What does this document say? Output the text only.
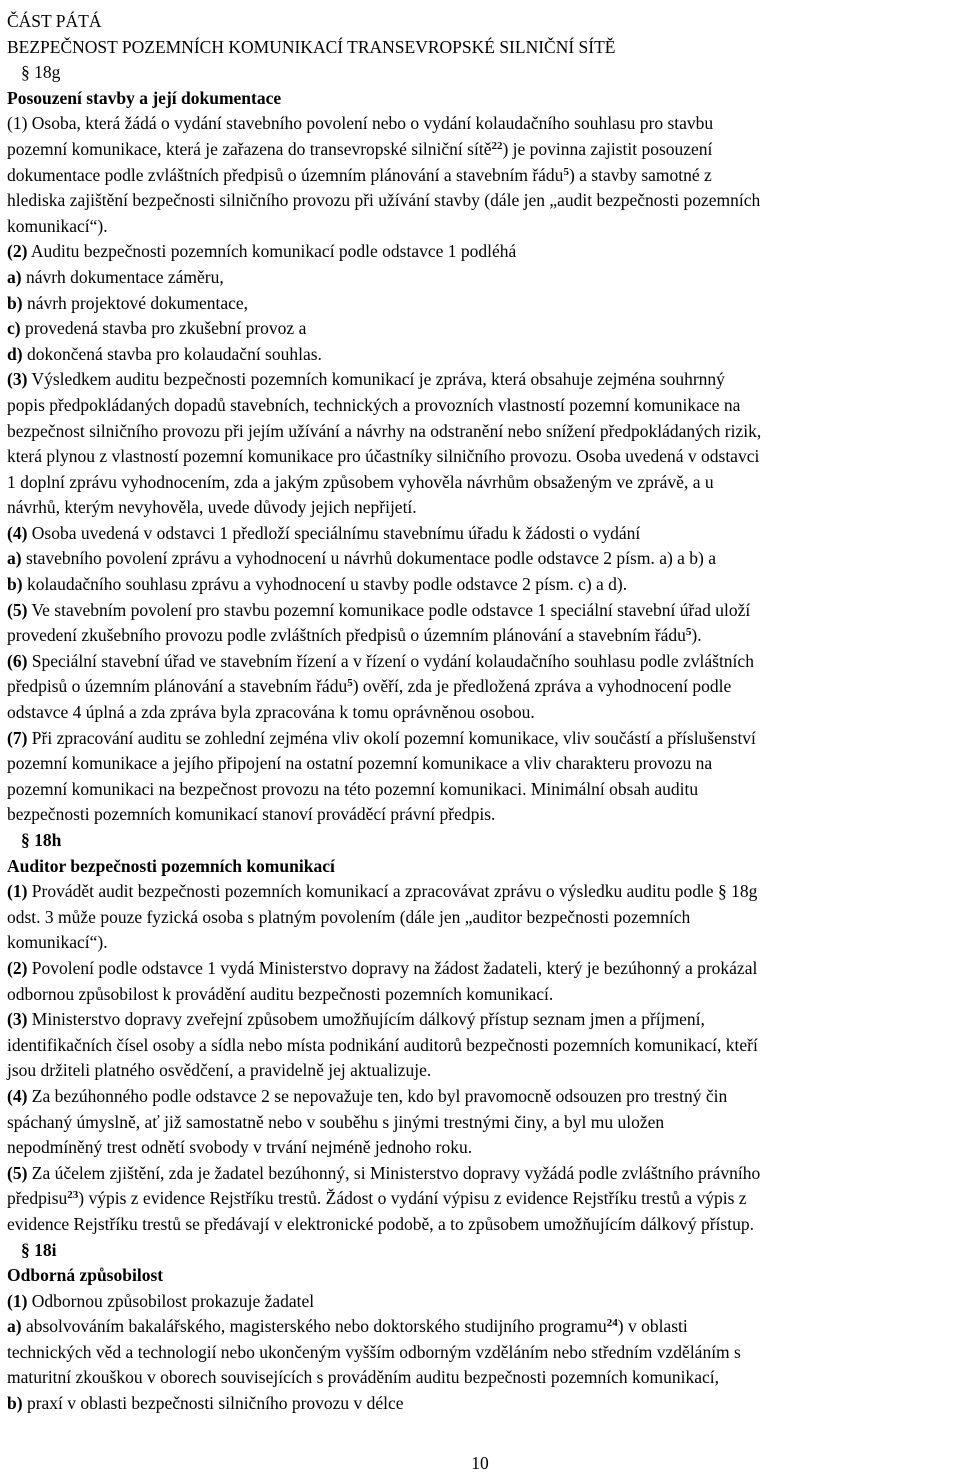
ČÁST PÁTÁ
BEZPEČNOST POZEMNÍCH KOMUNIKACÍ TRANSEVROPSKÉ SILNIČNÍ SÍTĚ
§ 18g
Posouzení stavby a její dokumentace
(1) Osoba, která žádá o vydání stavebního povolení nebo o vydání kolaudačního souhlasu pro stavbu
pozemní komunikace, která je zařazena do transevropské silniční sítě$^{22}$) je povinna zajistit posouzení
dokumentace podle zvláštních předpisů o územním plánování a stavebním řádu$^5$) a stavby samotné z
hlediska zajištění bezpečnosti silničního provozu při užívání stavby (dále jen „audit bezpečnosti pozemních
komunikací“).
(2) Auditu bezpečnosti pozemních komunikací podle odstavce 1 podléhá
a) návrh dokumentace záměru,
b) návrh projektové dokumentace,
c) provedená stavba pro zkušební provoz a
d) dokončená stavba pro kolaudační souhlas.
(3) Výsledkem auditu bezpečnosti pozemních komunikací je zpráva, která obsahuje zejména souhrnný
popis předpokládaných dopadů stavebních, technických a provozních vlastností pozemní komunikace na
bezpečnost silničního provozu při jejím užívání a návrhy na odstranění nebo snížení předpokládaných rizik,
která plynou z vlastností pozemní komunikace pro účastníky silničního provozu. Osoba uvedená v odstavci
1 doplní zprávu vyhodnocením, zda a jakým způsobem vyhověla návrhům obsaženým ve zprávě, a u
návrhů, kterým nevyhověla, uvede důvody jejich nepřijetí.
(4) Osoba uvedená v odstavci 1 předloží speciálnímu stavebnímu úřadu k žádosti o vydání
a) stavebního povolení zprávu a vyhodnocení u návrhů dokumentace podle odstavce 2 písm. a) a b) a
b) kolaudačního souhlasu zprávu a vyhodnocení u stavby podle odstavce 2 písm. c) a d).
(5) Ve stavebním povolení pro stavbu pozemní komunikace podle odstavce 1 speciální stavební úřad uloží
provedení zkušebního provozu podle zvláštních předpisů o územním plánování a stavebním řádu$^5$).
(6) Speciální stavební úřad ve stavebním řízení a v řízení o vydání kolaudačního souhlasu podle zvláštních
předpisů o územním plánování a stavebním řádu$^5$) ověří, zda je předložená zpráva a vyhodnocení podle
odstavce 4 úplná a zda zpráva byla zpracována k tomu oprávněnou osobou.
(7) Při zpracování auditu se zohlední zejména vliv okolí pozemní komunikace, vliv součástí a příslušenství
pozemní komunikace a jejího připojení na ostatní pozemní komunikace a vliv charakteru provozu na
pozemní komunikaci na bezpečnost provozu na této pozemní komunikaci. Minimální obsah auditu
bezpečnosti pozemních komunikací stanoví prováděcí právní předpis.
§ 18h
Auditor bezpečnosti pozemních komunikací
(1) Provádět audit bezpečnosti pozemních komunikací a zpracovávat zprávu o výsledku auditu podle § 18g
odst. 3 může pouze fyzická osoba s platným povolením (dále jen „auditor bezpečnosti pozemních
komunikací“).
(2) Povolení podle odstavce 1 vydá Ministerstvo dopravy na žádost žadateli, který je bezúhonný a prokázal
odbornou způsobilost k provádění auditu bezpečnosti pozemních komunikací.
(3) Ministerstvo dopravy zveřejní způsobem umožňujícím dálkový přístup seznam jmen a příjmení,
identifikačních čísel osoby a sídla nebo místa podnikání auditorů bezpečnosti pozemních komunikací, kteří
jsou držiteli platného osvědčení, a pravidelně jej aktualizuje.
(4) Za bezúhonného podle odstavce 2 se nepovažuje ten, kdo byl pravomocně odsouzen pro trestný čin
spáchaný úmyslně, ať již samostatně nebo v souběhu s jinými trestnými činy, a byl mu uložen
nepodmíněný trest odnětí svobody v trvání nejméně jednoho roku.
(5) Za účelem zjištění, zda je žadatel bezúhonný, si Ministerstvo dopravy vyžádá podle zvláštního právního
předpisu$^{23}$) výpis z evidence Rejstříku trestů. Žádost o vydání výpisu z evidence Rejstříku trestů a výpis z
evidence Rejstříku trestů se předávají v elektronické podobě, a to způsobem umožňujícím dálkový přístup.
§ 18i
Odborná způsobilost
(1) Odbornou způsobilost prokazuje žadatel
a) absolvováním bakalářského, magisterského nebo doktorského studijního programu$^{24}$) v oblasti
technických věd a technologií nebo ukončeným vyšším odborným vzděláním nebo středním vzděláním s
maturitní zkouškou v oborech souvisejících s prováděním auditu bezpečnosti pozemních komunikací,
b) praxí v oblasti bezpečnosti silničního provozu v délce
10
